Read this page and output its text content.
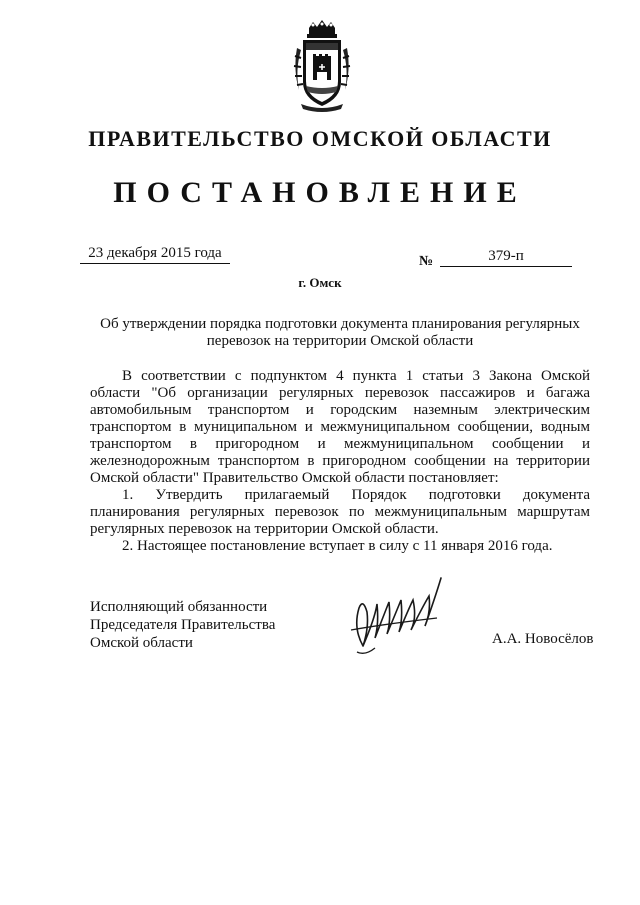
ПРАВИТЕЛЬСТВО ОМСКОЙ ОБЛАСТИ
ПОСТАНОВЛЕНИЕ
23 декабря 2015 года
№	379-п
г. Омск
Об утверждении порядка подготовки документа планирования регулярных перевозок на территории Омской области

В соответствии с подпунктом 4 пункта 1 статьи 3 Закона Омской области "Об организации регулярных перевозок пассажиров и багажа автомобильным транспортом и городским наземным электрическим транспортом в муниципальном и межмуниципальном сообщении, водным транспортом в пригородном и межмуниципальном сообщении и железнодорожным транспортом в пригородном сообщении на территории Омской области" Правительство Омской области постановляет:

1. Утвердить прилагаемый Порядок подготовки документа планирования регулярных перевозок по межмуниципальным маршрутам регулярных перевозок на территории Омской области.

2. Настоящее постановление вступает в силу с 11 января 2016 года.

Исполняющий обязанности
Председателя Правительства
Омской области	А.А. Новосёлов
